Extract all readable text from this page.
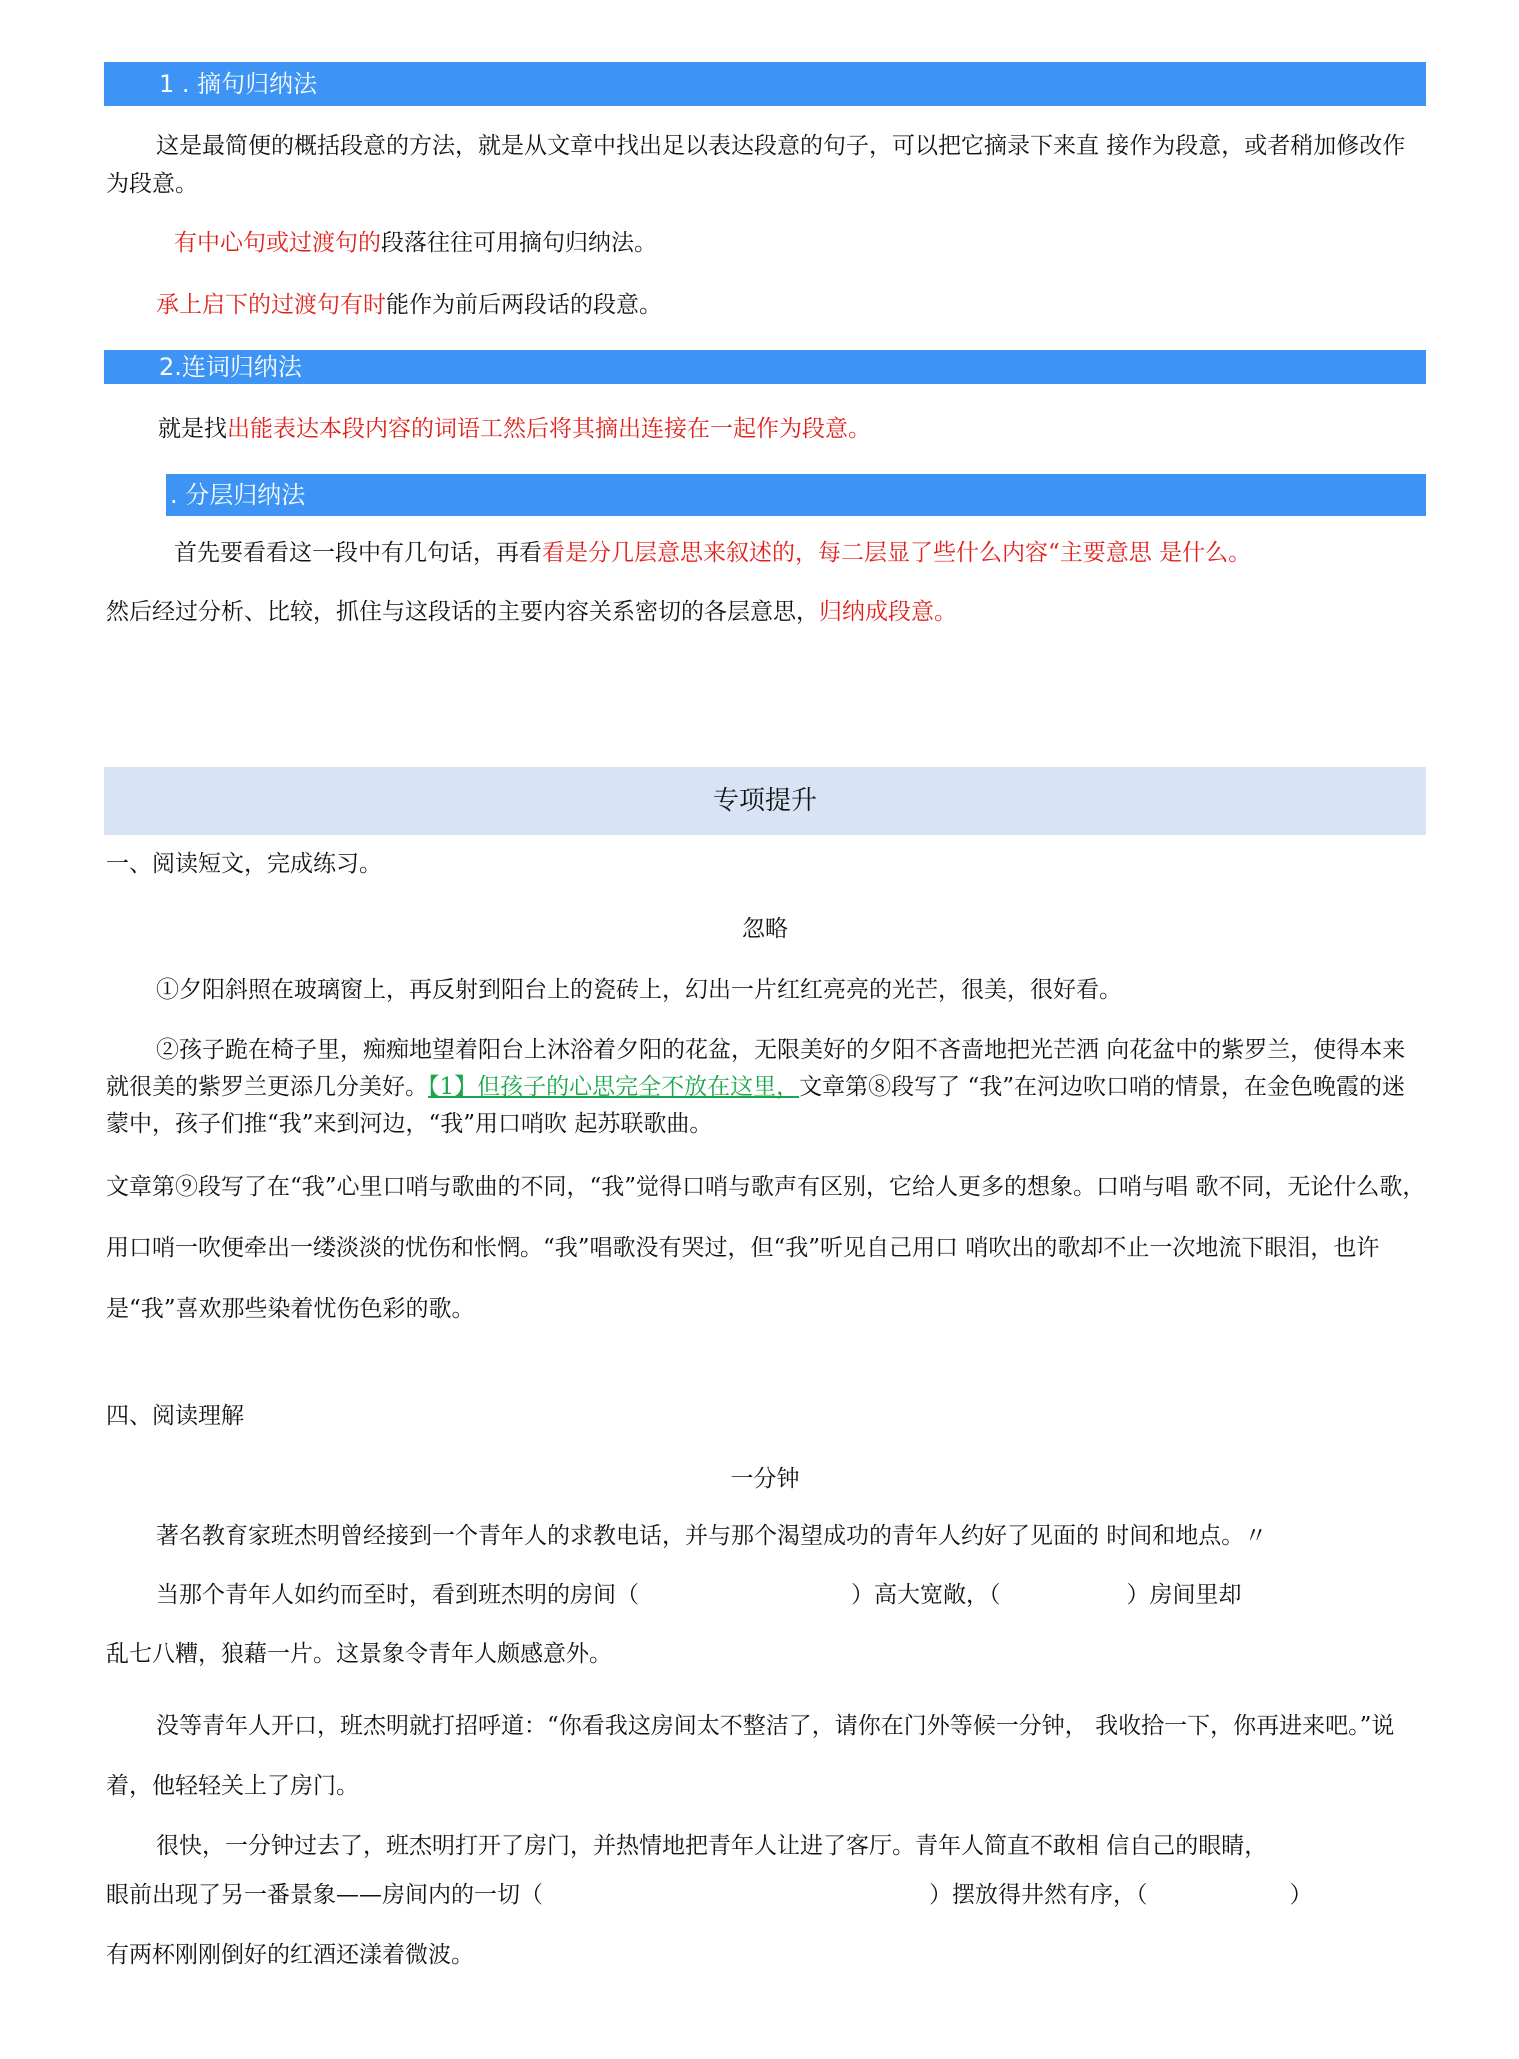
1 . 摘句归纳法
这是最简便的概括段意的方法，就是从文章中找出足以表达段意的句子，可以把它摘录下来直 接作为段意，或者稍加修改作为段意。
有中心句或过渡句的段落往往可用摘句归纳法。
承上启下的过渡句有时能作为前后两段话的段意。
2.连词归纳法
就是找出能表达本段内容的词语工然后将其摘出连接在一起作为段意。
. 分层归纳法
首先要看看这一段中有几句话，再看看是分几层意思来叙述的，每二层显了些什么内容“主要意思 是什么。
然后经过分析、比较，抓住与这段话的主要内容关系密切的各层意思，归纳成段意。
专项提升
一、阅读短文，完成练习。
忽略
①夕阳斜照在玻璃窗上，再反射到阳台上的瓷砖上，幻出一片红红亮亮的光芒，很美，很好看。
②孩子跪在椅子里，痴痴地望着阳台上沐浴着夕阳的花盆，无限美好的夕阳不吝啬地把光芒洒 向花盆中的紫罗兰，使得本来就很美的紫罗兰更添几分美好。【1】但孩子的心思完全不放在这里，文章第⑧段写了 “我”在河边吹口哨的情景，在金色晚霞的迷蒙中，孩子们推“我”来到河边，“我”用口哨吹 起苏联歌曲。
文章第⑨段写了在“我”心里口哨与歌曲的不同，“我”觉得口哨与歌声有区别，它给人更多的想象。口哨与唱 歌不同，无论什么歌，用口哨一吹便牵出一缕淡淡的忧伤和怅惘。“我”唱歌没有哭过，但“我”听见自己用口 哨吹出的歌却不止一次地流下眼泪，也许是“我”喜欢那些染着忧伤色彩的歌。
四、阅读理解
一分钟
著名教育家班杰明曾经接到一个青年人的求教电话，并与那个渴望成功的青年人约好了见面的 时间和地点。〃
当那个青年人如约而至时，看到班杰明的房间（	）高大宽敞，（	）房间里却
乱七八糟，狼藉一片。这景象令青年人颇感意外。
没等青年人开口，班杰明就打招呼道：“你看我这房间太不整洁了，请你在门外等候一分钟， 我收拾一下，你再进来吧。”说着，他轻轻关上了房门。
很快，一分钟过去了，班杰明打开了房门，并热情地把青年人让进了客厅。青年人简直不敢相 信自己的眼睛，
眼前出现了另一番景象——房间内的一切（	）摆放得井然有序，（	）
有两杯刚刚倒好的红酒还漾着微波。
